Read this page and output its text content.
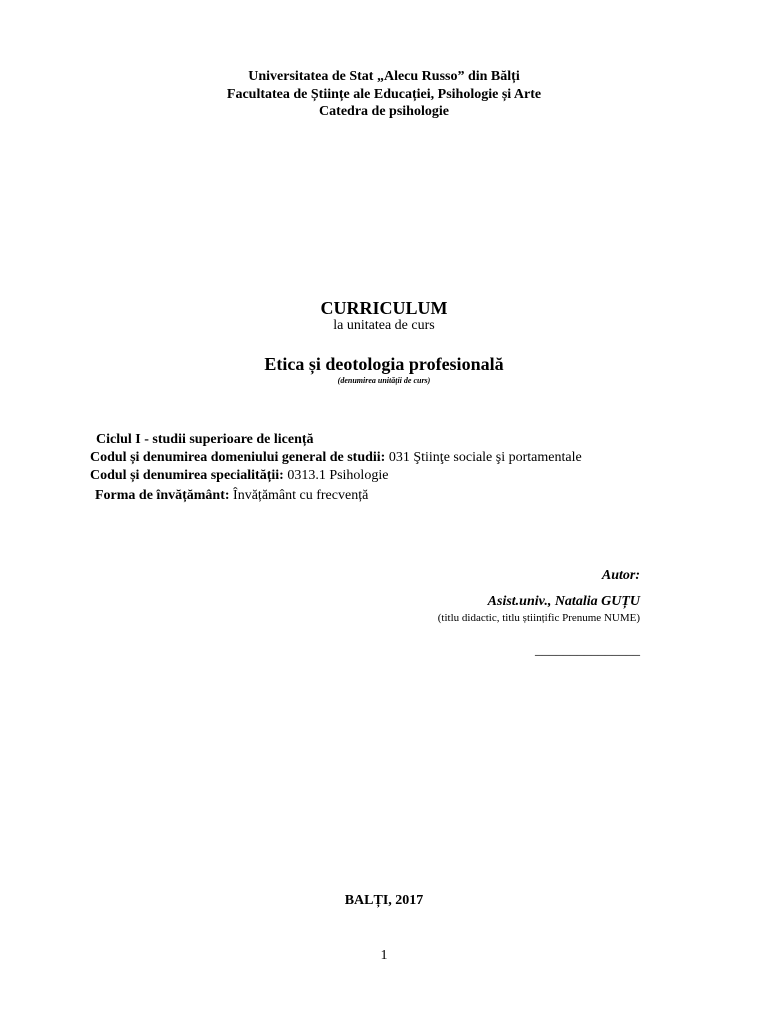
Universitatea de Stat „Alecu Russo” din Bălți
Facultatea de Științe ale Educației, Psihologie și Arte
Catedra de psihologie
CURRICULUM
la unitatea de curs
Etica și deotologia profesională
(denumirea unității de curs)
Ciclul I - studii superioare de licență
Codul și denumirea domeniului general de studii: 031 Ştiinţe sociale şi portamentale
Codul și denumirea specialității: 0313.1 Psihologie
Forma de învățământ: Învățământ cu frecvență
Autor:
Asist.univ., Natalia GUȚU
(titlu didactic, titlu științific Prenume NUME)
_______________
BALȚI, 2017
1
